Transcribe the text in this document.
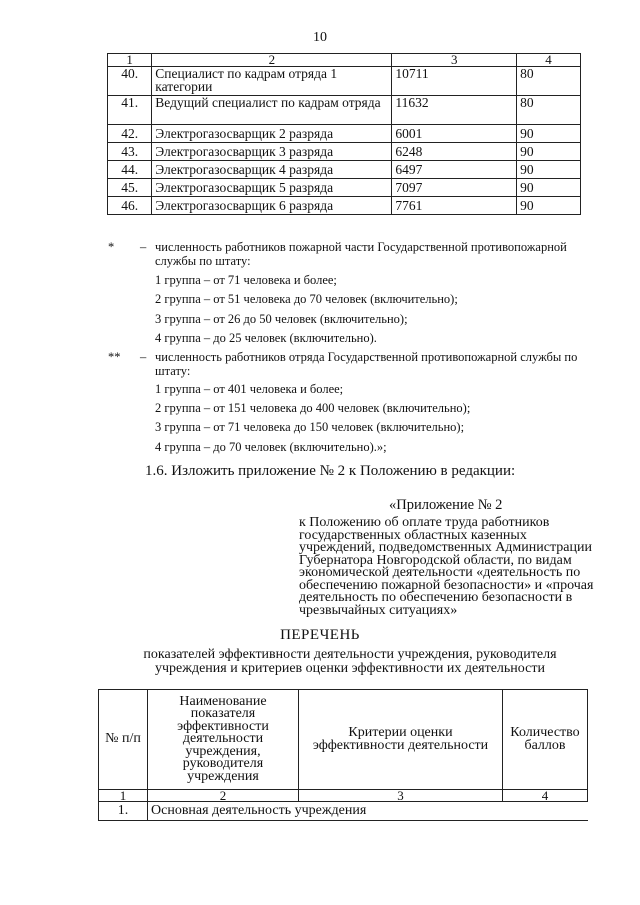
10
1	2	3	4
40.	Специалист по кадрам отряда 1 категории	10711	80
41.	Ведущий специалист по кадрам отряда	11632	80
42.	Электрогазосварщик 2 разряда	6001	90
43.	Электрогазосварщик 3 разряда	6248	90
44.	Электрогазосварщик 4 разряда	6497	90
45.	Электрогазосварщик 5 разряда	7097	90
46.	Электрогазосварщик 6 разряда	7761	90
* – численность работников пожарной части Государственной противопожарной службы по штату:
1 группа – от 71 человека и более;
2 группа – от 51 человека до 70 человек (включительно);
3 группа – от 26 до 50 человек (включительно);
4 группа – до 25 человек (включительно).
** – численность работников отряда Государственной противопожарной службы по штату:
1 группа – от 401 человека и более;
2 группа – от 151 человека до 400 человек (включительно);
3 группа – от 71 человека до 150 человек (включительно);
4 группа – до 70 человек (включительно).»;
1.6. Изложить приложение № 2 к Положению в редакции:
«Приложение № 2
к Положению об оплате труда работников государственных областных казенных учреждений, подведомственных Администрации Губернатора Новгородской области, по видам экономической деятельности «деятельность по обеспечению пожарной безопасности» и «прочая деятельность по обеспечению безопасности в чрезвычайных ситуациях»
ПЕРЕЧЕНЬ
показателей эффективности деятельности учреждения, руководителя учреждения и критериев оценки эффективности их деятельности
№ п/п	Наименование показателя эффективности деятельности учреждения, руководителя учреждения	Критерии оценки эффективности деятельности	Количество баллов
1	2	3	4
1.	Основная деятельность учреждения		
